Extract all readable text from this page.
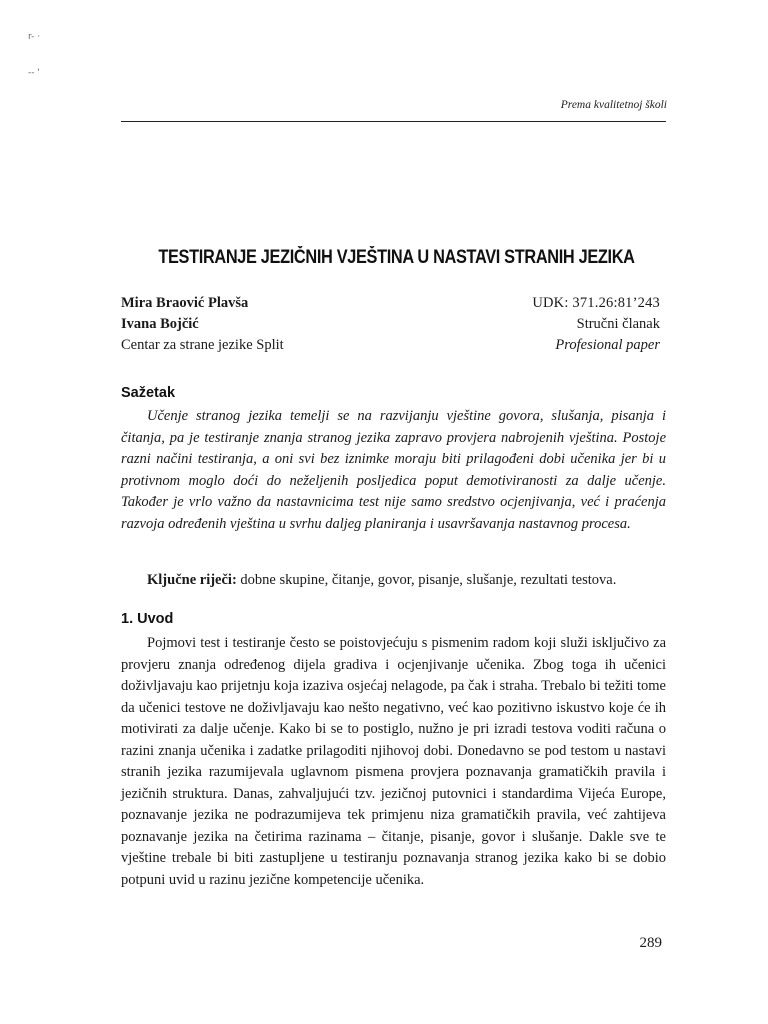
r- ·
-- '
Prema kvalitetnoj školi
TESTIRANJE JEZIČNIH VJEŠTINA U NASTAVI STRANIH JEZIKA
Mira Braović Plavša
Ivana Bojčić
Centar za strane jezike Split
UDK: 371.26:81’243
Stručni članak
Profesional paper
Sažetak

Učenje stranog jezika temelji se na razvijanju vještine govora, slušanja, pisanja i čitanja, pa je testiranje znanja stranog jezika zapravo provjera nabrojenih vještina. Postoje razni načini testiranja, a oni svi bez iznimke moraju biti prilagođeni dobi učenika jer bi u protivnom moglo doći do neželjenih posljedica poput demotiviranosti za dalje učenje. Također je vrlo važno da nastavnicima test nije samo sredstvo ocjenjivanja, već i praćenja razvoja određenih vještina u svrhu daljeg planiranja i usavršavanja nastavnog procesa.

Ključne riječi: dobne skupine, čitanje, govor, pisanje, slušanje, rezultati testova.

1. Uvod

Pojmovi test i testiranje često se poistovjećuju s pismenim radom koji služi isključivo za provjeru znanja određenog dijela gradiva i ocjenjivanje učenika. Zbog toga ih učenici doživljavaju kao prijetnju koja izaziva osjećaj nelagode, pa čak i straha. Trebalo bi težiti tome da učenici testove ne doživljavaju kao nešto negativno, već kao pozitivno iskustvo koje će ih motivirati za dalje učenje. Kako bi se to postiglo, nužno je pri izradi testova voditi računa o razini znanja učenika i zadatke prilagoditi njihovoj dobi. Donedavno se pod testom u nastavi stranih jezika razumijevala uglavnom pismena provjera poznavanja gramatičkih pravila i jezičnih struktura. Danas, zahvaljujući tzv. jezičnoj putovnici i standardima Vijeća Europe, poznavanje jezika ne podrazumijeva tek primjenu niza gramatičkih pravila, već zahtijeva poznavanje jezika na četirima razinama – čitanje, pisanje, govor i slušanje. Dakle sve te vještine trebale bi biti zastupljene u testiranju poznavanja stranog jezika kako bi se dobio potpuni uvid u razinu jezične kompetencije učenika.

289
